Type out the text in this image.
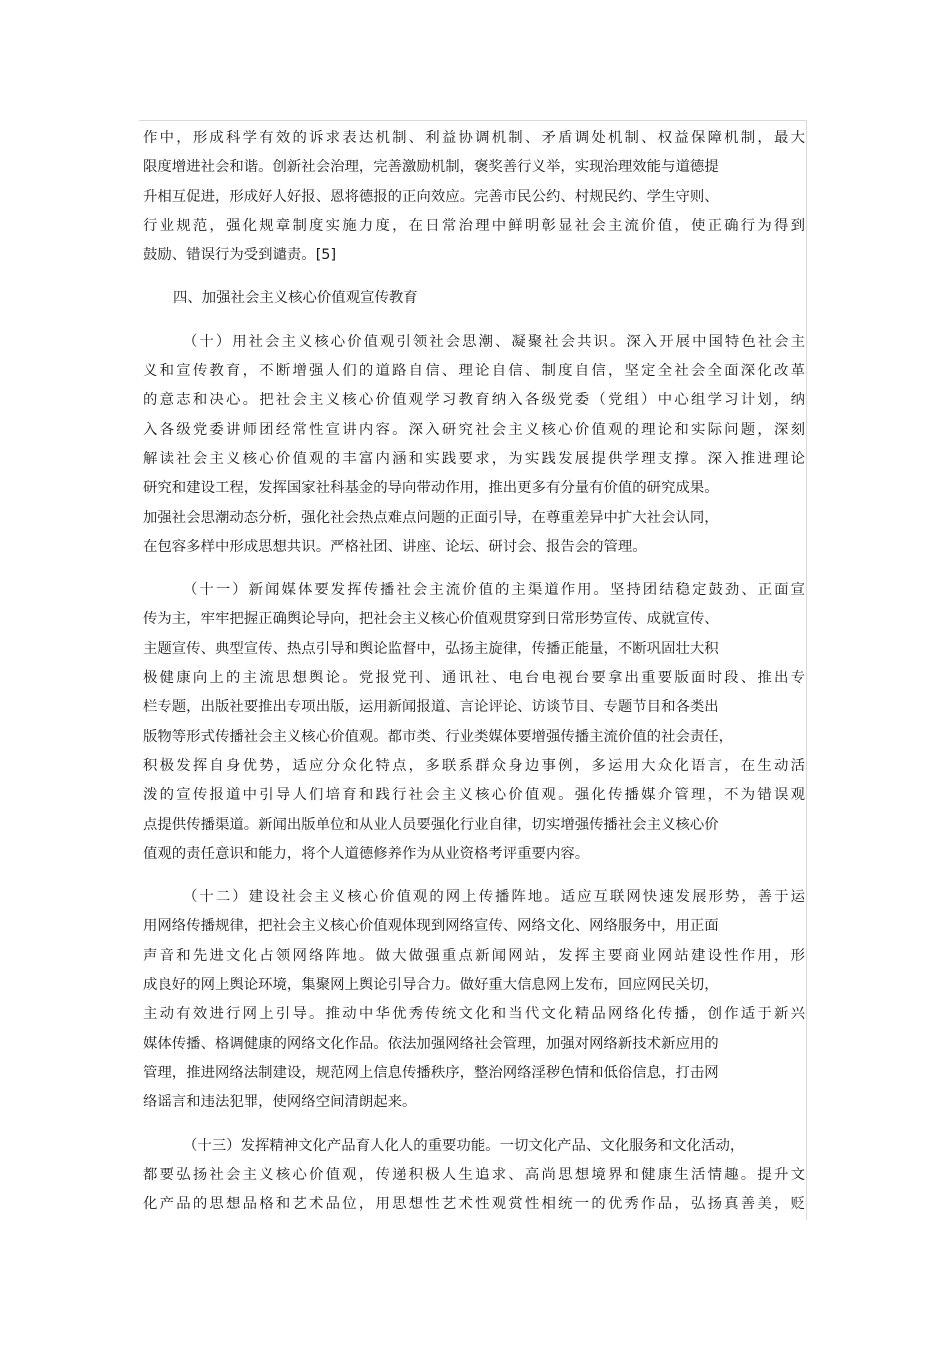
作中，形成科学有效的诉求表达机制、利益协调机制、矛盾调处机制、权益保障机制，最大
限度增进社会和谐。创新社会治理，完善激励机制，褒奖善行义举，实现治理效能与道德提
升相互促进，形成好人好报、恩将德报的正向效应。完善市民公约、村规民约、学生守则、
行业规范，强化规章制度实施力度，在日常治理中鲜明彰显社会主流价值，使正确行为得到
鼓励、错误行为受到谴责。[5]
四、加强社会主义核心价值观宣传教育
（十）用社会主义核心价值观引领社会思潮、凝聚社会共识。深入开展中国特色社会主
义和宣传教育，不断增强人们的道路自信、理论自信、制度自信，坚定全社会全面深化改革
的意志和决心。把社会主义核心价值观学习教育纳入各级党委（党组）中心组学习计划，纳
入各级党委讲师团经常性宣讲内容。深入研究社会主义核心价值观的理论和实际问题，深刻
解读社会主义核心价值观的丰富内涵和实践要求，为实践发展提供学理支撑。深入推进理论
研究和建设工程，发挥国家社科基金的导向带动作用，推出更多有分量有价值的研究成果。
加强社会思潮动态分析，强化社会热点难点问题的正面引导，在尊重差异中扩大社会认同，
在包容多样中形成思想共识。严格社团、讲座、论坛、研讨会、报告会的管理。
（十一）新闻媒体要发挥传播社会主流价值的主渠道作用。坚持团结稳定鼓劲、正面宣
传为主，牢牢把握正确舆论导向，把社会主义核心价值观贯穿到日常形势宣传、成就宣传、
主题宣传、典型宣传、热点引导和舆论监督中，弘扬主旋律，传播正能量，不断巩固壮大积
极健康向上的主流思想舆论。党报党刊、通讯社、电台电视台要拿出重要版面时段、推出专
栏专题，出版社要推出专项出版，运用新闻报道、言论评论、访谈节目、专题节目和各类出
版物等形式传播社会主义核心价值观。都市类、行业类媒体要增强传播主流价值的社会责任，
积极发挥自身优势，适应分众化特点，多联系群众身边事例，多运用大众化语言，在生动活
泼的宣传报道中引导人们培育和践行社会主义核心价值观。强化传播媒介管理，不为错误观
点提供传播渠道。新闻出版单位和从业人员要强化行业自律，切实增强传播社会主义核心价
值观的责任意识和能力，将个人道德修养作为从业资格考评重要内容。
（十二）建设社会主义核心价值观的网上传播阵地。适应互联网快速发展形势，善于运
用网络传播规律，把社会主义核心价值观体现到网络宣传、网络文化、网络服务中，用正面
声音和先进文化占领网络阵地。做大做强重点新闻网站，发挥主要商业网站建设性作用，形
成良好的网上舆论环境，集聚网上舆论引导合力。做好重大信息网上发布，回应网民关切，
主动有效进行网上引导。推动中华优秀传统文化和当代文化精品网络化传播，创作适于新兴
媒体传播、格调健康的网络文化作品。依法加强网络社会管理，加强对网络新技术新应用的
管理，推进网络法制建设，规范网上信息传播秩序，整治网络淫秽色情和低俗信息，打击网
络谣言和违法犯罪，使网络空间清朗起来。
（十三）发挥精神文化产品育人化人的重要功能。一切文化产品、文化服务和文化活动，
都要弘扬社会主义核心价值观，传递积极人生追求、高尚思想境界和健康生活情趣。提升文
化产品的思想品格和艺术品位，用思想性艺术性观赏性相统一的优秀作品，弘扬真善美，贬
